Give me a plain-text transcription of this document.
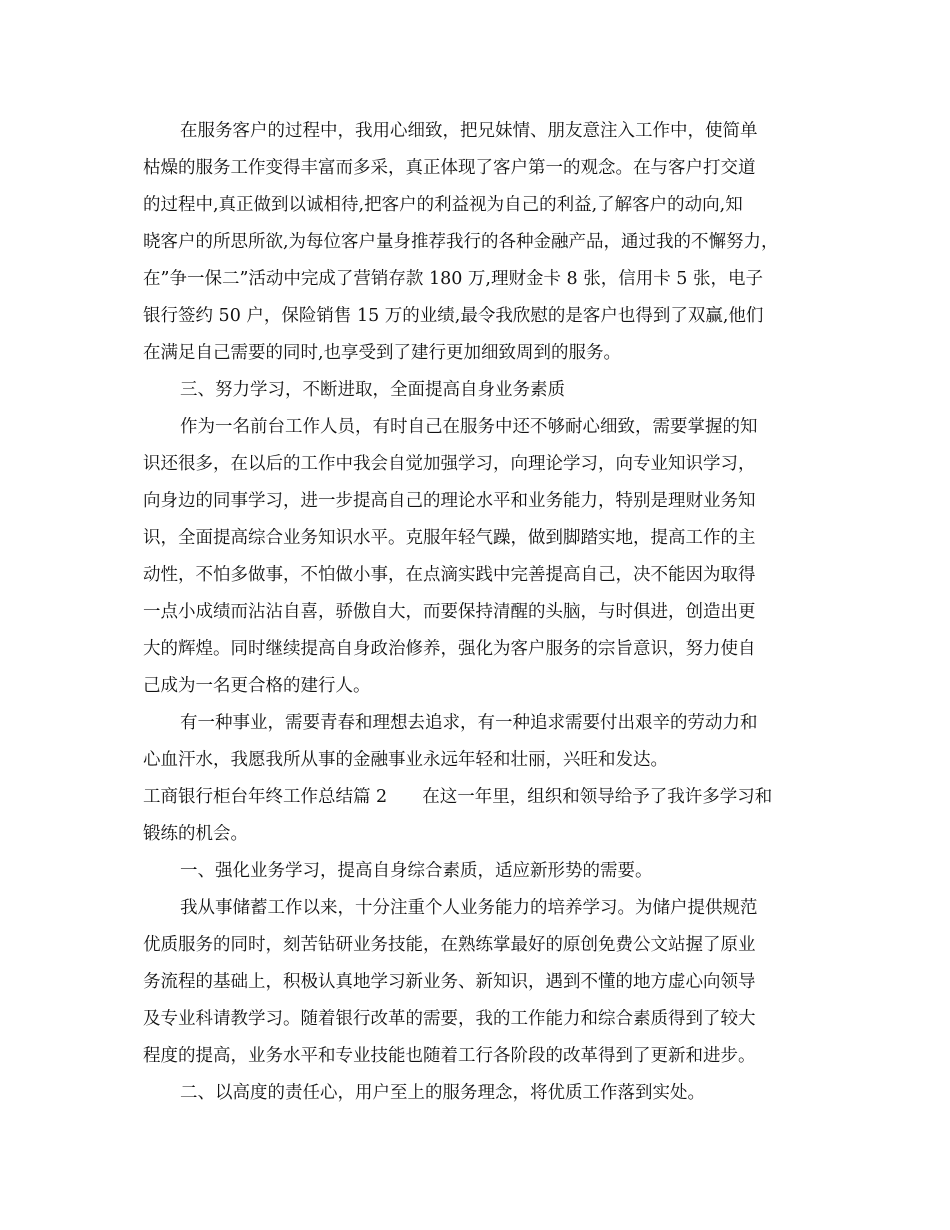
在服务客户的过程中，我用心细致，把兄妹情、朋友意注入工作中，使简单
枯燥的服务工作变得丰富而多采，真正体现了客户第一的观念。在与客户打交道
的过程中,真正做到以诚相待,把客户的利益视为自己的利益,了解客户的动向,知
晓客户的所思所欲,为每位客户量身推荐我行的各种金融产品，通过我的不懈努力，
在”争一保二”活动中完成了营销存款 180 万,理财金卡 8 张，信用卡 5 张，电子
银行签约 50 户，保险销售 15 万的业绩,最令我欣慰的是客户也得到了双赢,他们
在满足自己需要的同时,也享受到了建行更加细致周到的服务。
三、努力学习，不断进取，全面提高自身业务素质
作为一名前台工作人员，有时自己在服务中还不够耐心细致，需要掌握的知
识还很多，在以后的工作中我会自觉加强学习，向理论学习，向专业知识学习，
向身边的同事学习，进一步提高自己的理论水平和业务能力，特别是理财业务知
识，全面提高综合业务知识水平。克服年轻气躁，做到脚踏实地，提高工作的主
动性，不怕多做事，不怕做小事，在点滴实践中完善提高自己，决不能因为取得
一点小成绩而沾沾自喜，骄傲自大，而要保持清醒的头脑，与时俱进，创造出更
大的辉煌。同时继续提高自身政治修养，强化为客户服务的宗旨意识，努力使自
己成为一名更合格的建行人。
有一种事业，需要青春和理想去追求，有一种追求需要付出艰辛的劳动力和
心血汗水，我愿我所从事的金融事业永远年轻和壮丽，兴旺和发达。
工商银行柜台年终工作总结篇 2　　在这一年里，组织和领导给予了我许多学习和
锻练的机会。
一、强化业务学习，提高自身综合素质，适应新形势的需要。
我从事储蓄工作以来，十分注重个人业务能力的培养学习。为储户提供规范
优质服务的同时，刻苦钻研业务技能，在熟练掌最好的原创免费公文站握了原业
务流程的基础上，积极认真地学习新业务、新知识，遇到不懂的地方虚心向领导
及专业科请教学习。随着银行改革的需要，我的工作能力和综合素质得到了较大
程度的提高，业务水平和专业技能也随着工行各阶段的改革得到了更新和进步。
二、以高度的责任心，用户至上的服务理念，将优质工作落到实处。
